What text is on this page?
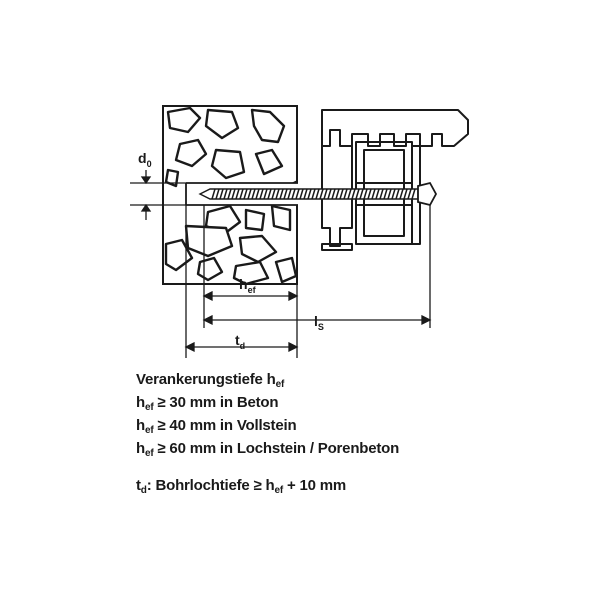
$d_0$
$h_{ef}$
$l_S$
$t_d$
Verankerungstiefe $h_{ef}$
$h_{ef} \ge 30$ mm in Beton
$h_{ef} \ge 40$ mm in Vollstein
$h_{ef} \ge 60$ mm in Lochstein / Porenbeton
$t_d$: Bohrlochtiefe ≥ $h_{ef} + 10$ mm
